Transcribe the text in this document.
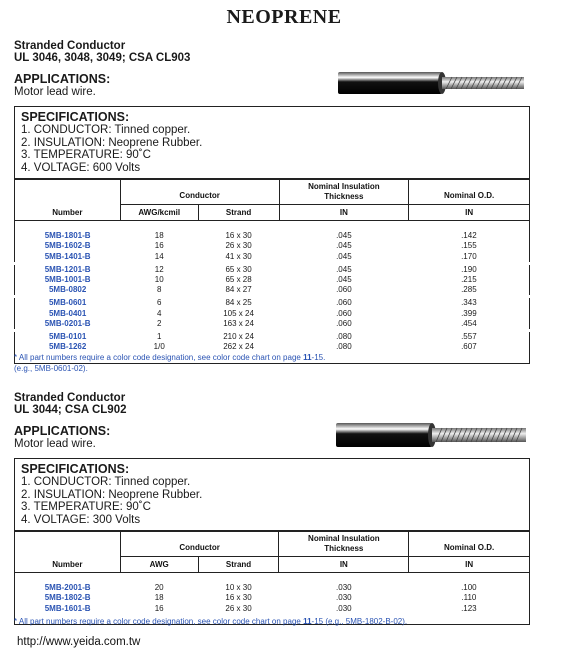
NEOPRENE
Stranded Conductor
UL 3046, 3048, 3049; CSA CL903
APPLICATIONS:
Motor lead wire.
SPECIFICATIONS:
1. CONDUCTOR: Tinned copper.
2. INSULATION: Neoprene Rubber.
3. TEMPERATURE: 90˚C
4. VOLTAGE: 600 Volts
	Conductor		Nominal Insulation
Thickness	Nominal O.D.
Number	AWG/kcmil	Strand	IN	IN

5MB-1801-B	18	16 x 30	.045	.142
5MB-1602-B	16	26 x 30	.045	.155
5MB-1401-B	14	41 x 30	.045	.170
5MB-1201-B	12	65 x 30	.045	.190
5MB-1001-B	10	65 x 28	.045	.215
5MB-0802	8	84 x 27	.060	.285
5MB-0601	6	84 x 25	.060	.343
5MB-0401	4	105 x 24	.060	.399
5MB-0201-B	2	163 x 24	.060	.454
5MB-0101	1	210 x 24	.080	.557
5MB-1262	1/0	262 x 24	.080	.607

* All part numbers require a color code designation, see color code chart on page 11-15.
(e.g., 5MB-0601-02).
Stranded Conductor
UL 3044; CSA CL902
APPLICATIONS:
Motor lead wire.
SPECIFICATIONS:
1. CONDUCTOR: Tinned copper.
2. INSULATION: Neoprene Rubber.
3. TEMPERATURE: 90˚C
4. VOLTAGE: 300 Volts
	Conductor		Nominal Insulation
Thickness	Nominal O.D.
Number	AWG	Strand	IN	IN

5MB-2001-B	20	10 x 30	.030	.100
5MB-1802-B	18	16 x 30	.030	.110
5MB-1601-B	16	26 x 30	.030	.123

* All part numbers require a color code designation, see color code chart on page 11-15 (e.g., 5MB-1802-B-02).
http://www.yeida.com.tw
